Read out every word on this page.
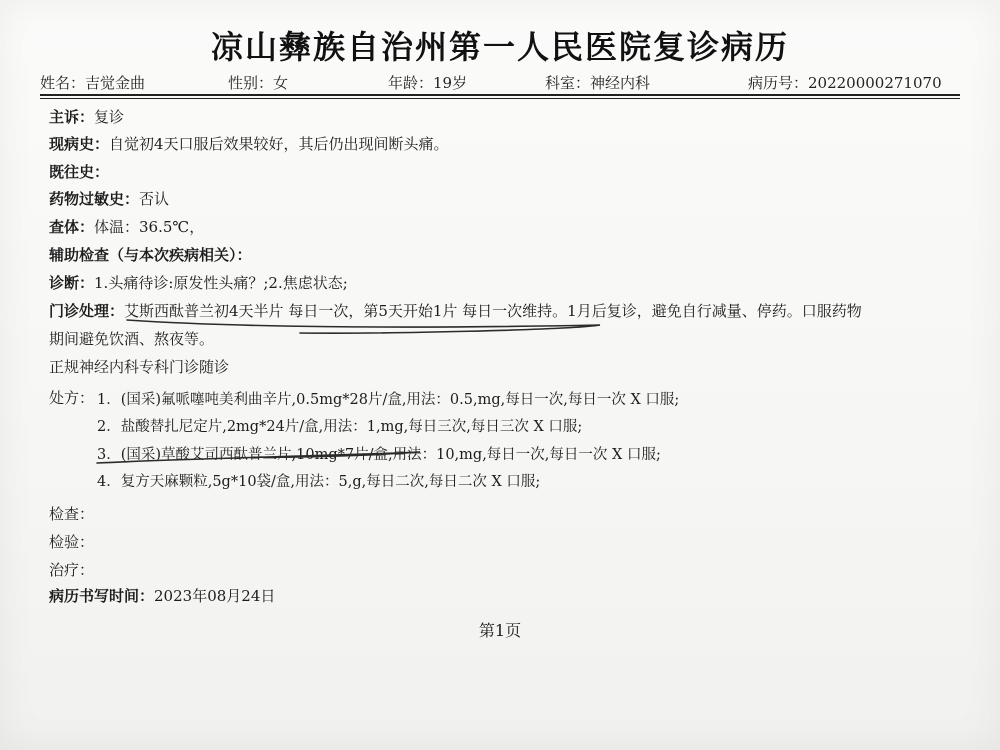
凉山彝族自治州第一人民医院复诊病历
姓名：吉觉金曲	性别：女	年龄：19岁	科室：神经内科	病历号：20220000271070
主诉：复诊
现病史：自觉初4天口服后效果较好，其后仍出现间断头痛。
既往史：
药物过敏史：否认
查体：体温：36.5℃，
辅助检查（与本次疾病相关）：
诊断：1.头痛待诊:原发性头痛？;2.焦虑状态;
门诊处理：艾斯西酞普兰初4天半片 每日一次，第5天开始1片 每日一次维持。1月后复诊，避免自行减量、停药。口服药物
期间避免饮酒、熬夜等。
正规神经内科专科门诊随诊
处方： 1．(国采)氟哌噻吨美利曲辛片,0.5mg*28片/盒,用法：0.5,mg,每日一次,每日一次 X 口服;
2．盐酸替扎尼定片,2mg*24片/盒,用法：1,mg,每日三次,每日三次 X 口服;
3．(国采)草酸艾司西酞普兰片,10mg*7片/盒,用法：10,mg,每日一次,每日一次 X 口服;
4．复方天麻颗粒,5g*10袋/盒,用法：5,g,每日二次,每日二次 X 口服;
检查：
检验：
治疗：
病历书写时间：2023年08月24日
第1页
